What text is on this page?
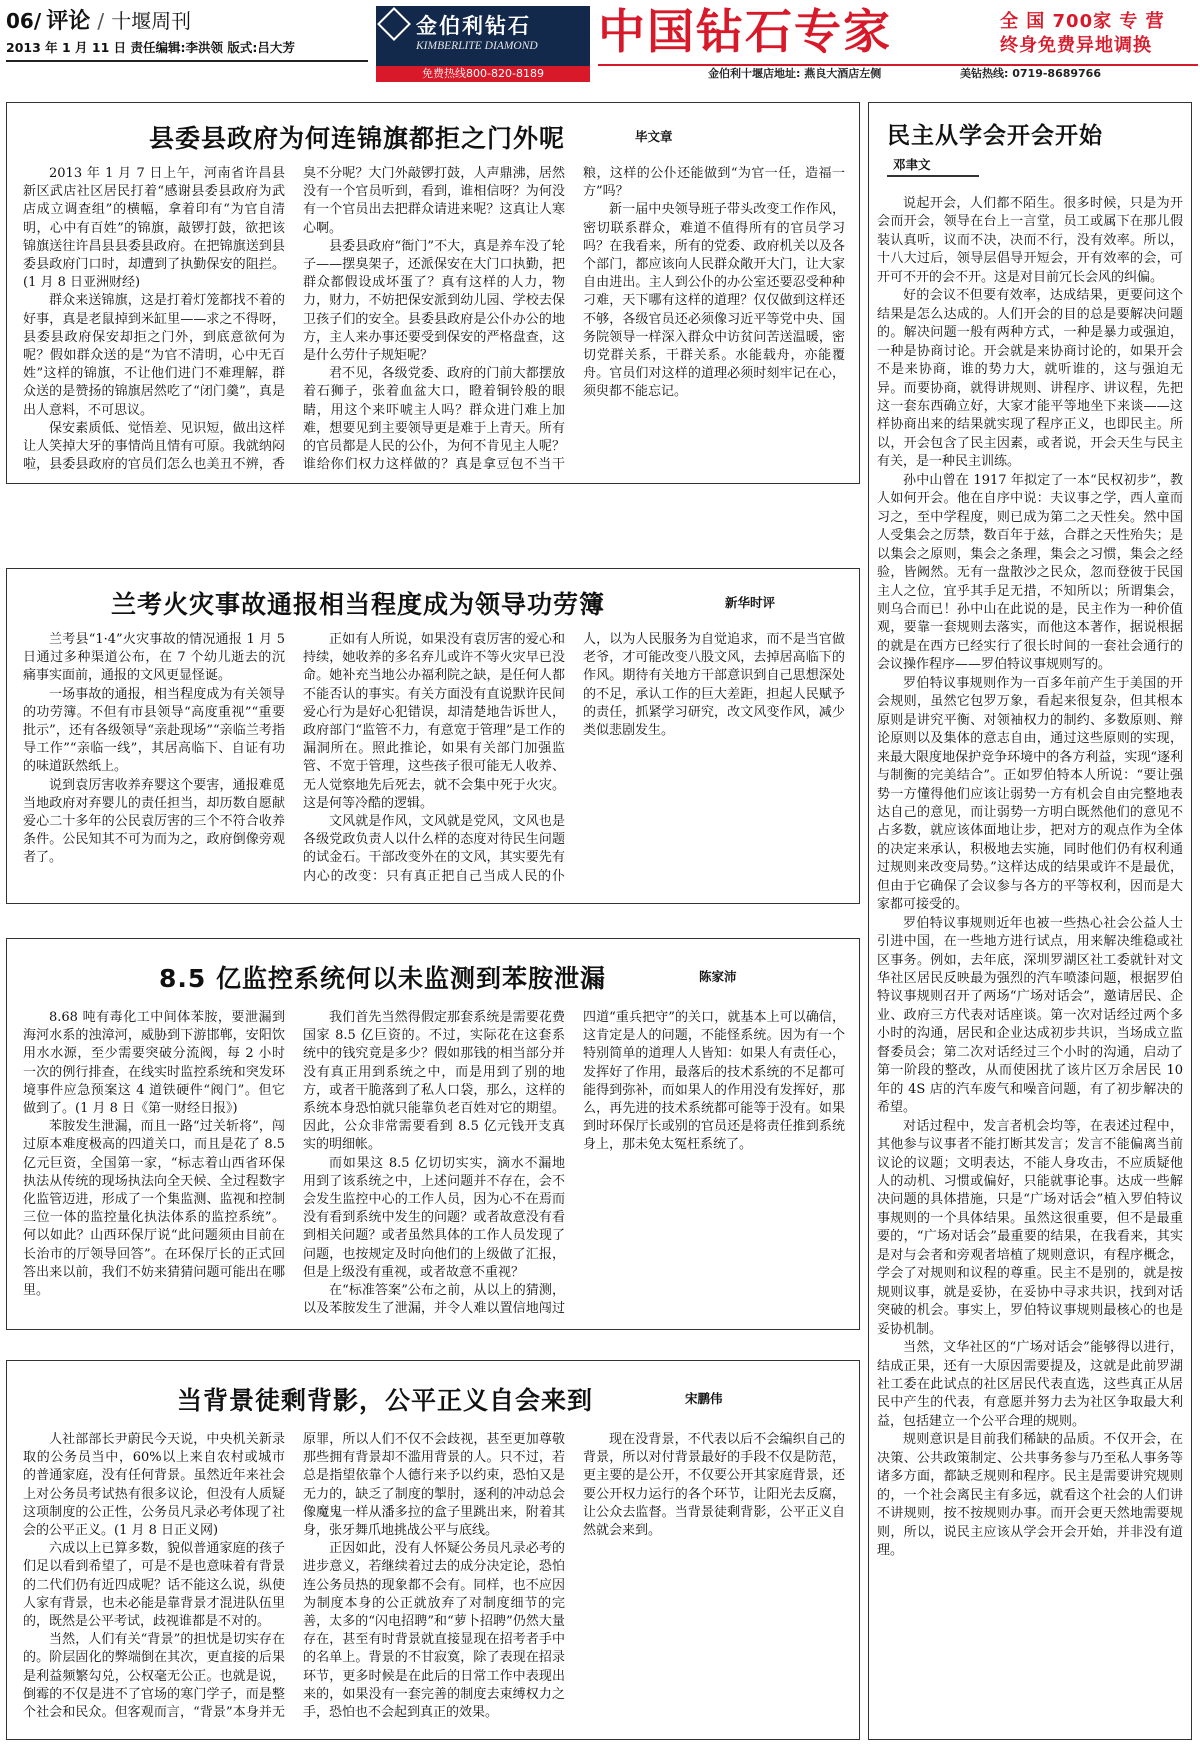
06/ 评论 / 十堰周刊
2013 年 1 月 11 日 责任编辑:李洪领 版式:吕大芳
金伯利钻石
KIMBERLITE DIAMOND
免费热线800-820-8189
中国钻石专家	全 国 700家 专 营
终身免费异地调换
金伯利十堰店地址: 燕良大酒店左侧	美钻热线: 0719-8689766
县委县政府为何连锦旗都拒之门外呢	毕文章

2013 年 1 月 7 日上午，河南省许昌县新区武店社区居民打着“感谢县委县政府为武店成立调查组”的横幅，拿着印有“为官自清明，心中有百姓”的锦旗，敲锣打鼓，欲把该锦旗送往许昌县县委县政府。在把锦旗送到县委县政府门口时，却遭到了执勤保安的阻拦。(1 月 8 日亚洲财经)

群众来送锦旗，这是打着灯笼都找不着的好事，真是老鼠掉到米缸里——求之不得呀，县委县政府保安却拒之门外，到底意欲何为呢？假如群众送的是“为官不清明，心中无百姓”这样的锦旗，不让他们进门不难理解，群众送的是赞扬的锦旗居然吃了“闭门羹”，真是出人意料，不可思议。

保安素质低、觉悟差、见识短，做出这样让人笑掉大牙的事情尚且情有可原。我就纳闷啦，县委县政府的官员们怎么也美丑不辨，香臭不分呢？大门外敲锣打鼓，人声鼎沸，居然没有一个官员听到，看到，谁相信呀？为何没有一个官员出去把群众请进来呢？这真让人寒心啊。

县委县政府“衙门”不大，真是养车没了轮子——摆臭架子，还派保安在大门口执勤，把群众都假设成坏蛋了？真有这样的人力，物力，财力，不妨把保安派到幼儿园、学校去保卫孩子们的安全。县委县政府是公仆办公的地方，主人来办事还要受到保安的严格盘查，这是什么劳什子规矩呢？

君不见，各级党委、政府的门前大都摆放着石狮子，张着血盆大口，瞪着铜铃般的眼睛，用这个来吓唬主人吗？群众进门难上加难，想要见到主要领导更是难于上青天。所有的官员都是人民的公仆，为何不肯见主人呢？谁给你们权力这样做的？真是拿豆包不当干粮，这样的公仆还能做到“为官一任，造福一方”吗？

新一届中央领导班子带头改变工作作风，密切联系群众，难道不值得所有的官员学习吗？在我看来，所有的党委、政府机关以及各个部门，都应该向人民群众敞开大门，让大家自由进出。主人到公仆的办公室还要忍受种种刁难，天下哪有这样的道理？仅仅做到这样还不够，各级官员还必须像习近平等党中央、国务院领导一样深入群众中访贫问苦送温暖，密切党群关系，干群关系。水能载舟，亦能覆舟。官员们对这样的道理必须时刻牢记在心，须臾都不能忘记。

兰考火灾事故通报相当程度成为领导功劳簿	新华时评

兰考县“1·4”火灾事故的情况通报 1 月 5 日通过多种渠道公布，在 7 个幼儿逝去的沉痛事实面前，通报的文风更显怪诞。

一场事故的通报，相当程度成为有关领导的功劳簿。不但有市县领导“高度重视”“重要批示”，还有各级领导“亲赴现场”“亲临兰考指导工作”“亲临一线”，其居高临下、自证有功的味道跃然纸上。

说到袁厉害收养弃婴这个要害，通报难觅当地政府对弃婴儿的责任担当，却历数自愿献爱心二十多年的公民袁厉害的三个不符合收养条件。公民知其不可为而为之，政府倒像旁观者了。

正如有人所说，如果没有袁厉害的爱心和持续，她收养的多名弃儿或许不等火灾早已没命。她补充当地公办福利院之缺，是任何人都不能否认的事实。有关方面没有直说默许民间爱心行为是好心犯错误，却清楚地告诉世人，政府部门“监管不力，有意宽于管理”是工作的漏洞所在。照此推论，如果有关部门加强监管、不宽于管理，这些孩子很可能无人收养、无人觉察地先后死去，就不会集中死于火灾。这是何等冷酷的逻辑。

文风就是作风，文风就是党风，文风也是各级党政负责人以什么样的态度对待民生问题的试金石。干部改变外在的文风，其实要先有内心的改变：只有真正把自己当成人民的仆人，以为人民服务为自觉追求，而不是当官做老爷，才可能改变八股文风，去掉居高临下的作风。期待有关地方干部意识到自己思想深处的不足，承认工作的巨大差距，担起人民赋予的责任，抓紧学习研究，改文风变作风，减少类似悲剧发生。

8.5 亿监控系统何以未监测到苯胺泄漏	陈家沛

8.68 吨有毒化工中间体苯胺，要泄漏到海河水系的浊漳河，威胁到下游邯郸，安阳饮用水水源，至少需要突破分流阀，每 2 小时一次的例行排查，在线实时监控系统和突发环境事件应急预案这 4 道铁硬件“阀门”。但它做到了。(1 月 8 日《第一财经日报》)

苯胺发生泄漏，而且一路“过关斩将”，闯过原本难度极高的四道关口，而且是花了 8.5 亿元巨资，全国第一家，“标志着山西省环保执法从传统的现场执法向全天候、全过程数字化监管迈进，形成了一个集监测、监视和控制三位一体的监控量化执法体系的监控系统”。何以如此？山西环保厅说“此问题须由目前在长治市的厅领导回答”。在环保厅长的正式回答出来以前，我们不妨来猜猜问题可能出在哪里。

我们首先当然得假定那套系统是需要花费国家 8.5 亿巨资的。不过，实际花在这套系统中的钱究竟是多少？假如那钱的相当部分并没有真正用到系统之中，而是用到了别的地方，或者干脆落到了私人口袋，那么，这样的系统本身恐怕就只能靠负老百姓对它的期望。因此，公众非常需要看到 8.5 亿元钱开支真实的明细帐。

而如果这 8.5 亿切切实实，滴水不漏地用到了该系统之中，上述问题并不存在，会不会发生监控中心的工作人员，因为心不在焉而没有看到系统中发生的问题？或者故意没有看到相关问题？或者虽然具体的工作人员发现了问题，也按规定及时向他们的上级做了汇报，但是上级没有重视，或者故意不重视？

在“标准答案”公布之前，从以上的猜测，以及苯胺发生了泄漏，并令人难以置信地闯过四道“重兵把守”的关口，就基本上可以确信，这肯定是人的问题，不能怪系统。因为有一个特别简单的道理人人皆知：如果人有责任心，发挥好了作用，最落后的技术系统的不足都可能得到弥补，而如果人的作用没有发挥好，那么，再先进的技术系统都可能等于没有。如果到时环保厅长或别的官员还是将责任推到系统身上，那未免太冤枉系统了。

当背景徒剩背影，公平正义自会来到	宋鹏伟

人社部部长尹蔚民今天说，中央机关新录取的公务员当中，60%以上来自农村或城市的普通家庭，没有任何背景。虽然近年来社会上对公务员考试热有很多议论，但没有人质疑这项制度的公正性，公务员凡录必考体现了社会的公平正义。(1 月 8 日正义网)

六成以上已算多数，貌似普通家庭的孩子们足以看到希望了，可是不是也意味着有背景的二代们仍有近四成呢？话不能这么说，纵使人家有背景，也未必能是靠背景才混进队伍里的，既然是公平考试，歧视谁都是不对的。

当然，人们有关“背景”的担忧是切实存在的。阶层固化的弊端倒在其次，更直接的后果是利益频繁勾兑，公权毫无公正。也就是说，倒霉的不仅是进不了官场的寒门学子，而是整个社会和民众。但客观而言，“背景”本身并无原罪，所以人们不仅不会歧视，甚至更加尊敬那些拥有背景却不滥用背景的人。只不过，若总是指望依靠个人德行来予以约束，恐怕又是无力的，缺乏了制度的掣肘，逐利的冲动总会像魔鬼一样从潘多拉的盒子里跳出来，附着其身，张牙舞爪地挑战公平与底线。

正因如此，没有人怀疑公务员凡录必考的进步意义，若继续着过去的成分决定论，恐怕连公务员热的现象都不会有。同样，也不应因为制度本身的公正就放弃了对制度细节的完善，太多的“闪电招聘”和“萝卜招聘”仍然大量存在，甚至有时背景就直接显现在招考者手中的名单上。背景的不甘寂寞，除了表现在招录环节，更多时候是在此后的日常工作中表现出来的，如果没有一套完善的制度去束缚权力之手，恐怕也不会起到真正的效果。

现在没背景，不代表以后不会编织自己的背景，所以对付背景最好的手段不仅是防范，更主要的是公开，不仅要公开其家庭背景，还要公开权力运行的各个环节，让阳光去反腐，让公众去监督。当背景徒剩背影，公平正义自然就会来到。

民主从学会开会开始
邓聿文

说起开会，人们都不陌生。很多时候，只是为开会而开会，领导在台上一言堂，员工或属下在那儿假装认真听，议而不决，决而不行，没有效率。所以，十八大过后，领导层倡导开短会，开有效率的会，可开可不开的会不开。这是对目前冗长会风的纠偏。

好的会议不但要有效率，达成结果，更要问这个结果是怎么达成的。人们开会的目的总是要解决问题的。解决问题一般有两种方式，一种是暴力或强迫，一种是协商讨论。开会就是来协商讨论的，如果开会不是来协商，谁的势力大，就听谁的，这与强迫无异。而要协商，就得讲规则、讲程序、讲议程，先把这一套东西确立好，大家才能平等地坐下来谈——这样协商出来的结果就实现了程序正义，也即民主。所以，开会包含了民主因素，或者说，开会天生与民主有关，是一种民主训练。

孙中山曾在 1917 年拟定了一本“民权初步”，教人如何开会。他在自序中说：夫议事之学，西人童而习之，至中学程度，则已成为第二之天性矣。然中国人受集会之厉禁，数百年于兹，合群之天性殆失；是以集会之原则，集会之条理，集会之习惯，集会之经验，皆阙然。无有一盘散沙之民众，忽而登彼于民国主人之位，宜乎其手足无措，不知所以；所谓集会，则乌合而已！孙中山在此说的是，民主作为一种价值观，要靠一套规则去落实，而他这本著作，据说根据的就是在西方已经实行了很长时间的一套社会通行的会议操作程序——罗伯特议事规则写的。

罗伯特议事规则作为一百多年前产生于美国的开会规则，虽然它包罗万象，看起来很复杂，但其根本原则是讲究平衡、对领袖权力的制约、多数原则、辩论原则以及集体的意志自由，通过这些原则的实现，来最大限度地保护竞争环境中的各方利益，实现“逐利与制衡的完美结合”。正如罗伯特本人所说：“要让强势一方懂得他们应该让弱势一方有机会自由完整地表达自己的意见，而让弱势一方明白既然他们的意见不占多数，就应该体面地让步，把对方的观点作为全体的决定来承认，积极地去实施，同时他们仍有权利通过规则来改变局势。”这样达成的结果或许不是最优，但由于它确保了会议参与各方的平等权利，因而是大家都可接受的。

罗伯特议事规则近年也被一些热心社会公益人士引进中国，在一些地方进行试点，用来解决维稳或社区事务。例如，去年底，深圳罗湖区社工委就针对文华社区居民反映最为强烈的汽车喷漆问题，根据罗伯特议事规则召开了两场“广场对话会”，邀请居民、企业、政府三方代表对话座谈。第一次对话经过两个多小时的沟通，居民和企业达成初步共识，当场成立监督委员会；第二次对话经过三个小时的沟通，启动了第一阶段的整改，从而使困扰了该片区万余居民 10 年的 4S 店的汽车废气和噪音问题，有了初步解决的希望。

对话过程中，发言者机会均等，在表述过程中，其他参与议事者不能打断其发言；发言不能偏离当前议论的议题；文明表达，不能人身攻击，不应质疑他人的动机、习惯或偏好，只能就事论事。达成一些解决问题的具体措施，只是“广场对话会”植入罗伯特议事规则的一个具体结果。虽然这很重要，但不是最重要的，“广场对话会”最重要的结果，在我看来，其实是对与会者和旁观者培植了规则意识，有程序概念，学会了对规则和议程的尊重。民主不是别的，就是按规则议事，就是妥协，在妥协中寻求共识，找到对话突破的机会。事实上，罗伯特议事规则最核心的也是妥协机制。

当然，文华社区的“广场对话会”能够得以进行，结成正果，还有一大原因需要提及，这就是此前罗湖社工委在此试点的社区居民代表直选，这些真正从居民中产生的代表，有意愿并努力去为社区争取最大利益，包括建立一个公平合理的规则。

规则意识是目前我们稀缺的品质。不仅开会，在决策、公共政策制定、公共事务参与乃至私人事务等诸多方面，都缺乏规则和程序。民主是需要讲究规则的，一个社会离民主有多远，就看这个社会的人们讲不讲规则，按不按规则办事。而开会更天然地需要规则，所以，说民主应该从学会开会开始，并非没有道理。
